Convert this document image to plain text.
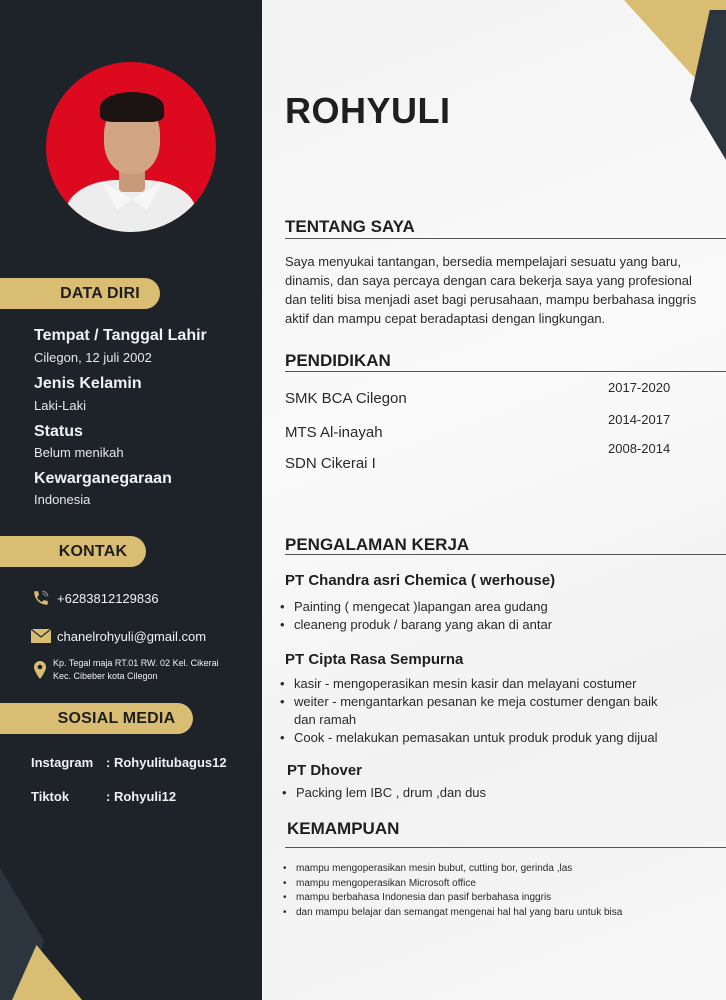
DATA DIRI
Tempat / Tanggal Lahir
Cilegon, 12 juli 2002
Jenis Kelamin
Laki-Laki
Status
Belum menikah
Kewarganegaraan
Indonesia
KONTAK
+6283812129836
chanelrohyuli@gmail.com
Kp. Tegal maja RT.01 RW. 02 Kel. Cikerai
Kec. Cibeber kota Cilegon
SOSIAL MEDIA
Instagram : Rohyulitubagus12
Tiktok	: Rohyuli12
ROHYULI
TENTANG SAYA
Saya menyukai tantangan, bersedia mempelajari sesuatu yang baru, dinamis, dan saya percaya dengan cara bekerja saya yang profesional dan teliti bisa menjadi aset bagi perusahaan, mampu berbahasa inggris aktif dan mampu cepat beradaptasi dengan lingkungan.
PENDIDIKAN
SMK BCA Cilegon
MTS Al-inayah
SDN Cikerai I
2017-2020
2014-2017
2008-2014
PENGALAMAN KERJA
PT Chandra asri Chemica ( werhouse)
• Painting ( mengecat )lapangan area gudang
• cleaneng produk / barang yang akan di antar
PT Cipta Rasa Sempurna
• kasir - mengoperasikan mesin kasir dan melayani costumer
• weiter - mengantarkan pesanan ke meja costumer dengan baik dan ramah
• Cook - melakukan pemasakan untuk produk produk yang dijual
PT Dhover
• Packing lem IBC , drum ,dan dus
KEMAMPUAN
• mampu mengoperasikan mesin bubut, cutting bor, gerinda ,las
• mampu mengoperasikan Microsoft office
• mampu berbahasa Indonesia dan pasif berbahasa inggris
• dan mampu belajar dan semangat mengenai hal hal yang baru untuk bisa
